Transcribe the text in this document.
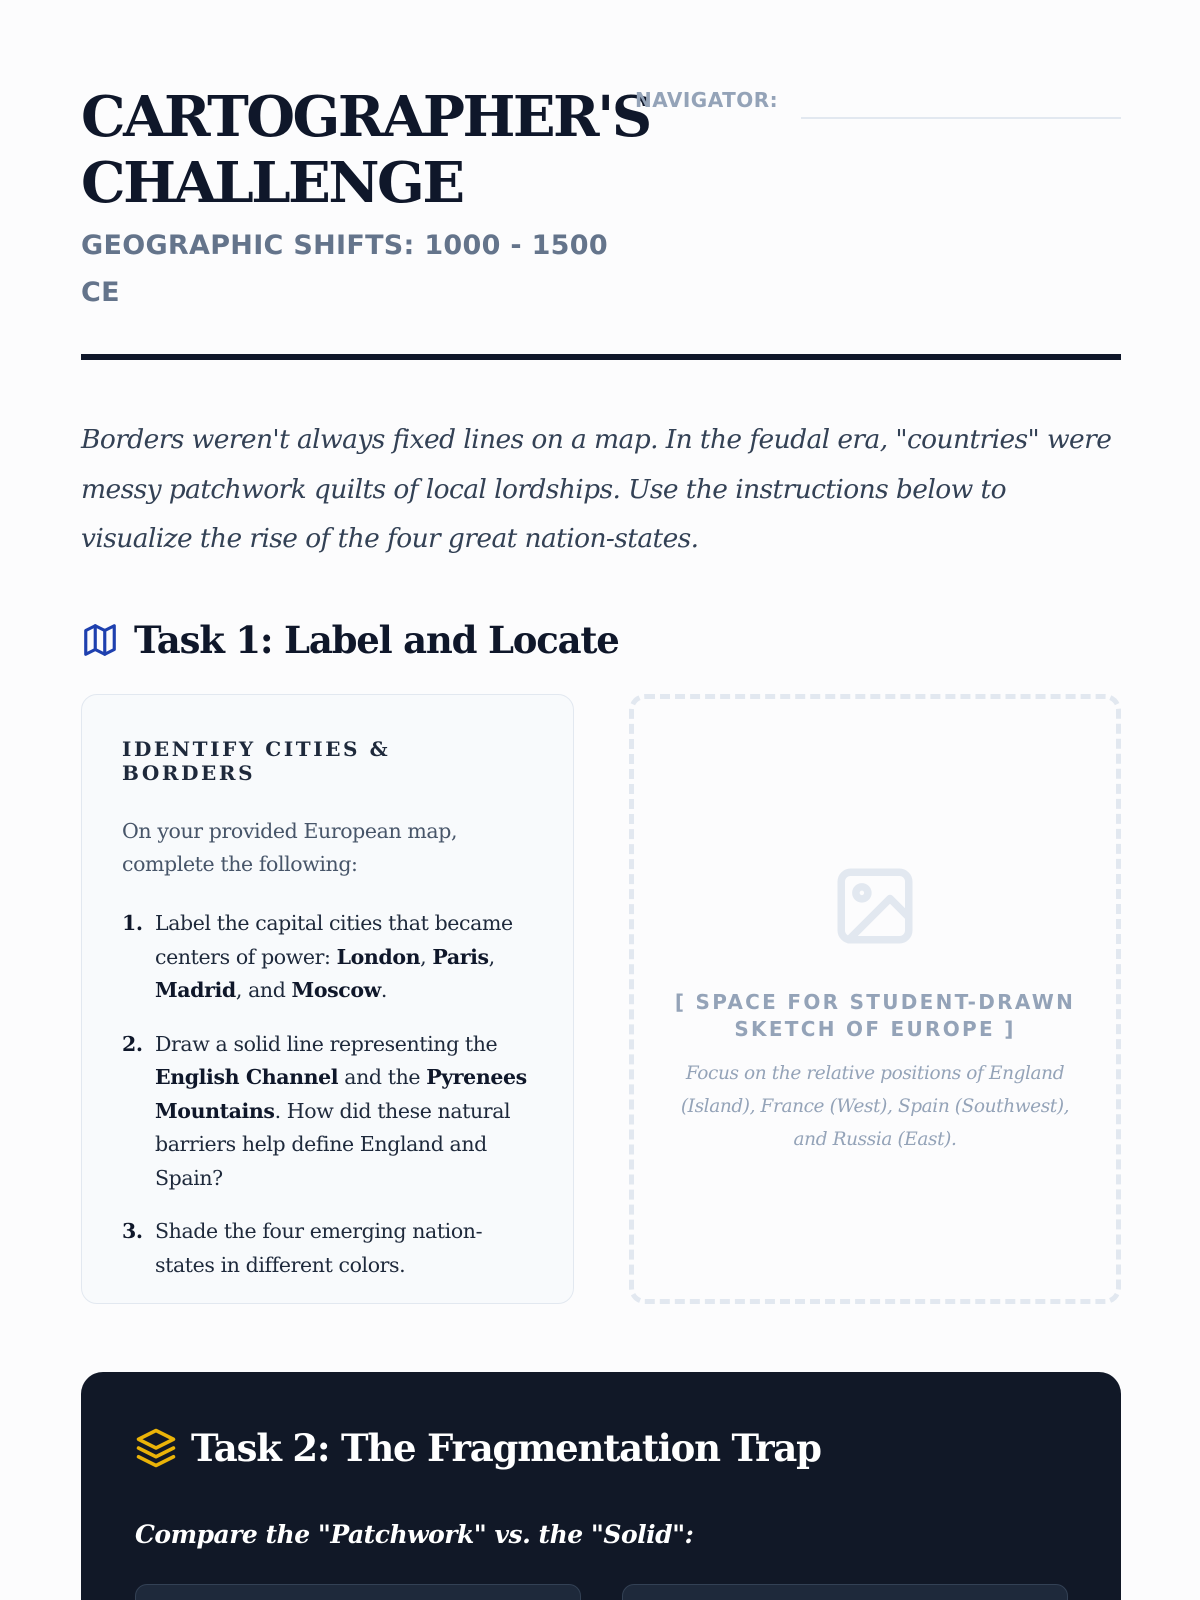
CARTOGRAPHER'S
CHALLENGE
GEOGRAPHIC SHIFTS: 1000 - 1500 CE
NAVIGATOR:

Borders weren't always fixed lines on a map. In the feudal era, "countries" were messy patchwork quilts of local lordships. Use the instructions below to visualize the rise of the four great nation-states.

Task 1: Label and Locate
IDENTIFY CITIES & BORDERS

On your provided European map, complete the following:

1. Label the capital cities that became centers of power: London, Paris, Madrid, and Moscow.
2. Draw a solid line representing the English Channel and the Pyrenees Mountains. How did these natural barriers help define England and Spain?
3. Shade the four emerging nation-states in different colors.
[ SPACE FOR STUDENT-DRAWN SKETCH OF EUROPE ]
Focus on the relative positions of England (Island), France (West), Spain (Southwest), and Russia (East).
Task 2: The Fragmentation Trap
Compare the "Patchwork" vs. the "Solid":
